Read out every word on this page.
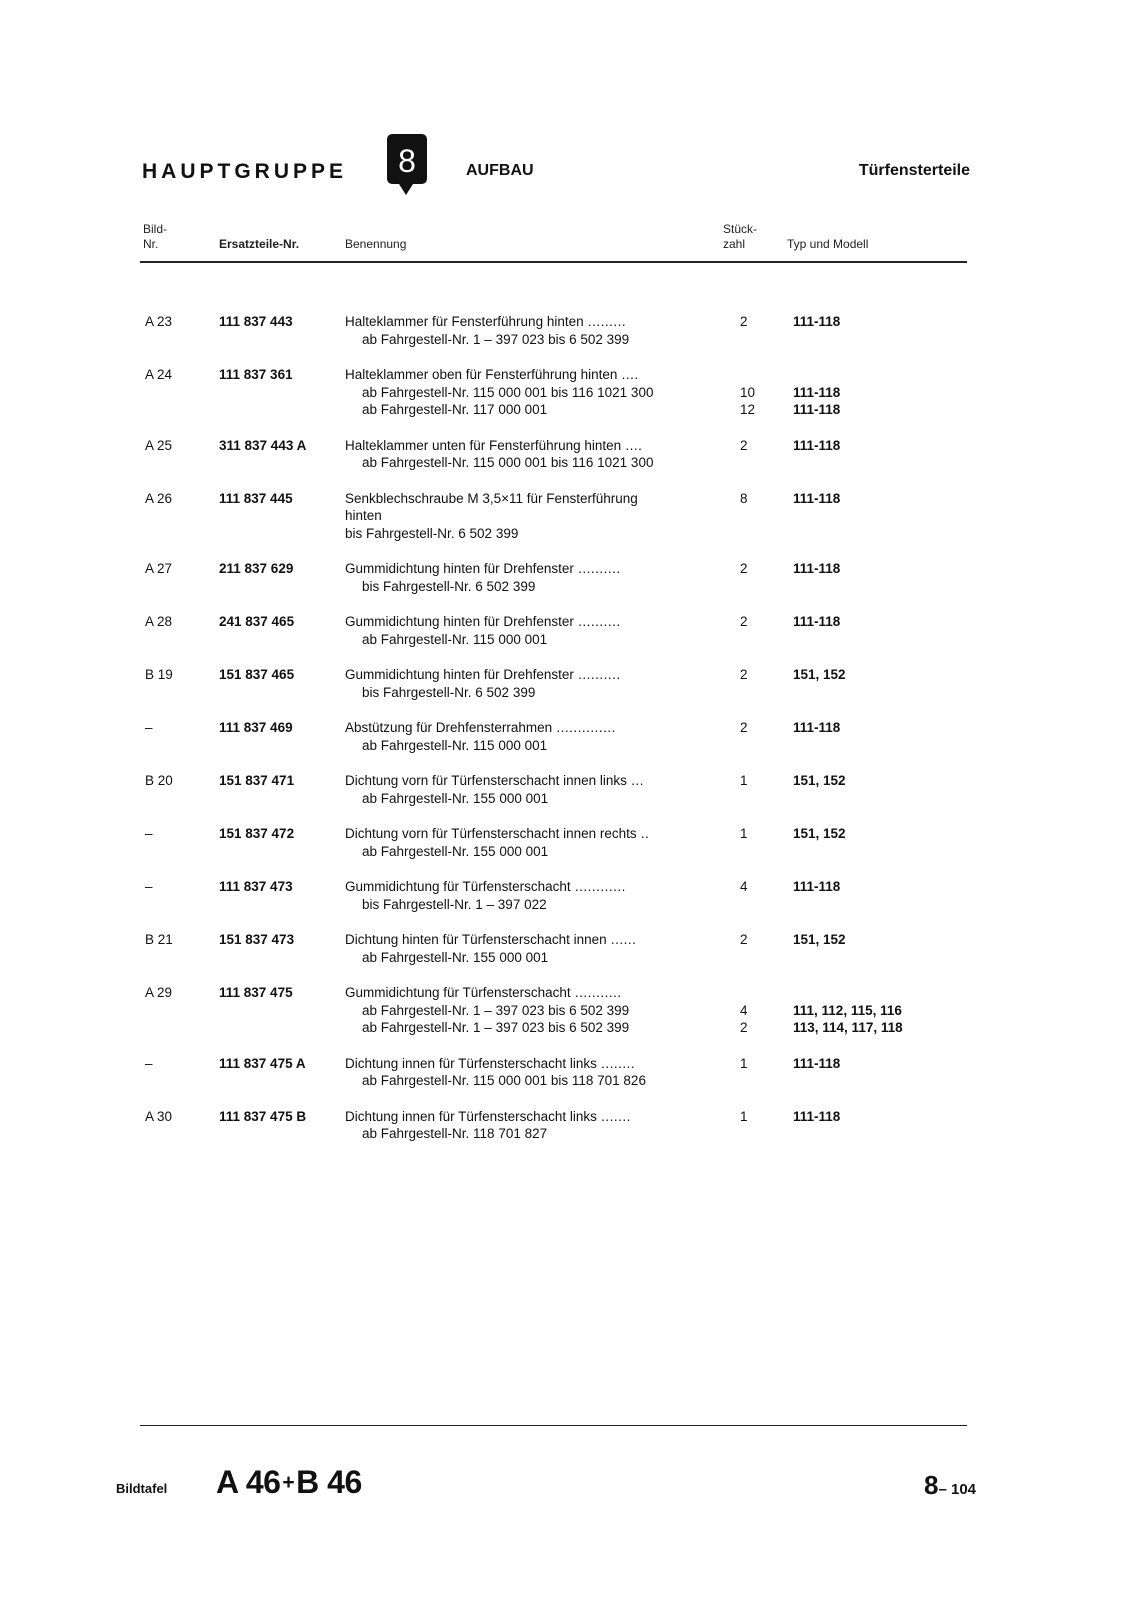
HAUPTGRUPPE 8	AUFBAU	Türfensterteile
Bild-
Nr.	Ersatzteile-Nr.	Benennung
Stück-
zahl	Typ und Modell
A 23	111 837 443	Halteklammer für Fensterführung hinten .........	2	111-118
ab Fahrgestell-Nr. 1 – 397 023 bis 6 502 399
A 24	111 837 361	Halteklammer oben für Fensterführung hinten ....
ab Fahrgestell-Nr. 115 000 001 bis 116 1021 300	10	111-118
ab Fahrgestell-Nr. 117 000 001	12	111-118
A 25	311 837 443 A	Halteklammer unten für Fensterführung hinten ....	2	111-118
ab Fahrgestell-Nr. 115 000 001 bis 116 1021 300
A 26	111 837 445	Senkblechschraube M 3,5×11 für Fensterführung	8	111-118
hinten
bis Fahrgestell-Nr. 6 502 399
A 27	211 837 629	Gummidichtung hinten für Drehfenster ..........	2	111-118
bis Fahrgestell-Nr. 6 502 399
A 28	241 837 465	Gummidichtung hinten für Drehfenster ..........	2	111-118
ab Fahrgestell-Nr. 115 000 001
B 19	151 837 465	Gummidichtung hinten für Drehfenster ..........	2	151, 152
bis Fahrgestell-Nr. 6 502 399
–	111 837 469	Abstützung für Drehfensterrahmen ..............	2	111-118
ab Fahrgestell-Nr. 115 000 001
B 20	151 837 471	Dichtung vorn für Türfensterschacht innen links ...	1	151, 152
ab Fahrgestell-Nr. 155 000 001
–	151 837 472	Dichtung vorn für Türfensterschacht innen rechts ..	1	151, 152
ab Fahrgestell-Nr. 155 000 001
–	111 837 473	Gummidichtung für Türfensterschacht ............	4	111-118
bis Fahrgestell-Nr. 1 – 397 022
B 21	151 837 473	Dichtung hinten für Türfensterschacht innen ......	2	151, 152
ab Fahrgestell-Nr. 155 000 001
A 29	111 837 475	Gummidichtung für Türfensterschacht ...........
ab Fahrgestell-Nr. 1 – 397 023 bis 6 502 399	4	111, 112, 115, 116
ab Fahrgestell-Nr. 1 – 397 023 bis 6 502 399	2	113, 114, 117, 118
–	111 837 475 A	Dichtung innen für Türfensterschacht links ........	1	111-118
ab Fahrgestell-Nr. 115 000 001 bis 118 701 826
A 30	111 837 475 B	Dichtung innen für Türfensterschacht links .......	1	111-118
ab Fahrgestell-Nr. 118 701 827
Bildtafel A 46+B 46	8– 104
